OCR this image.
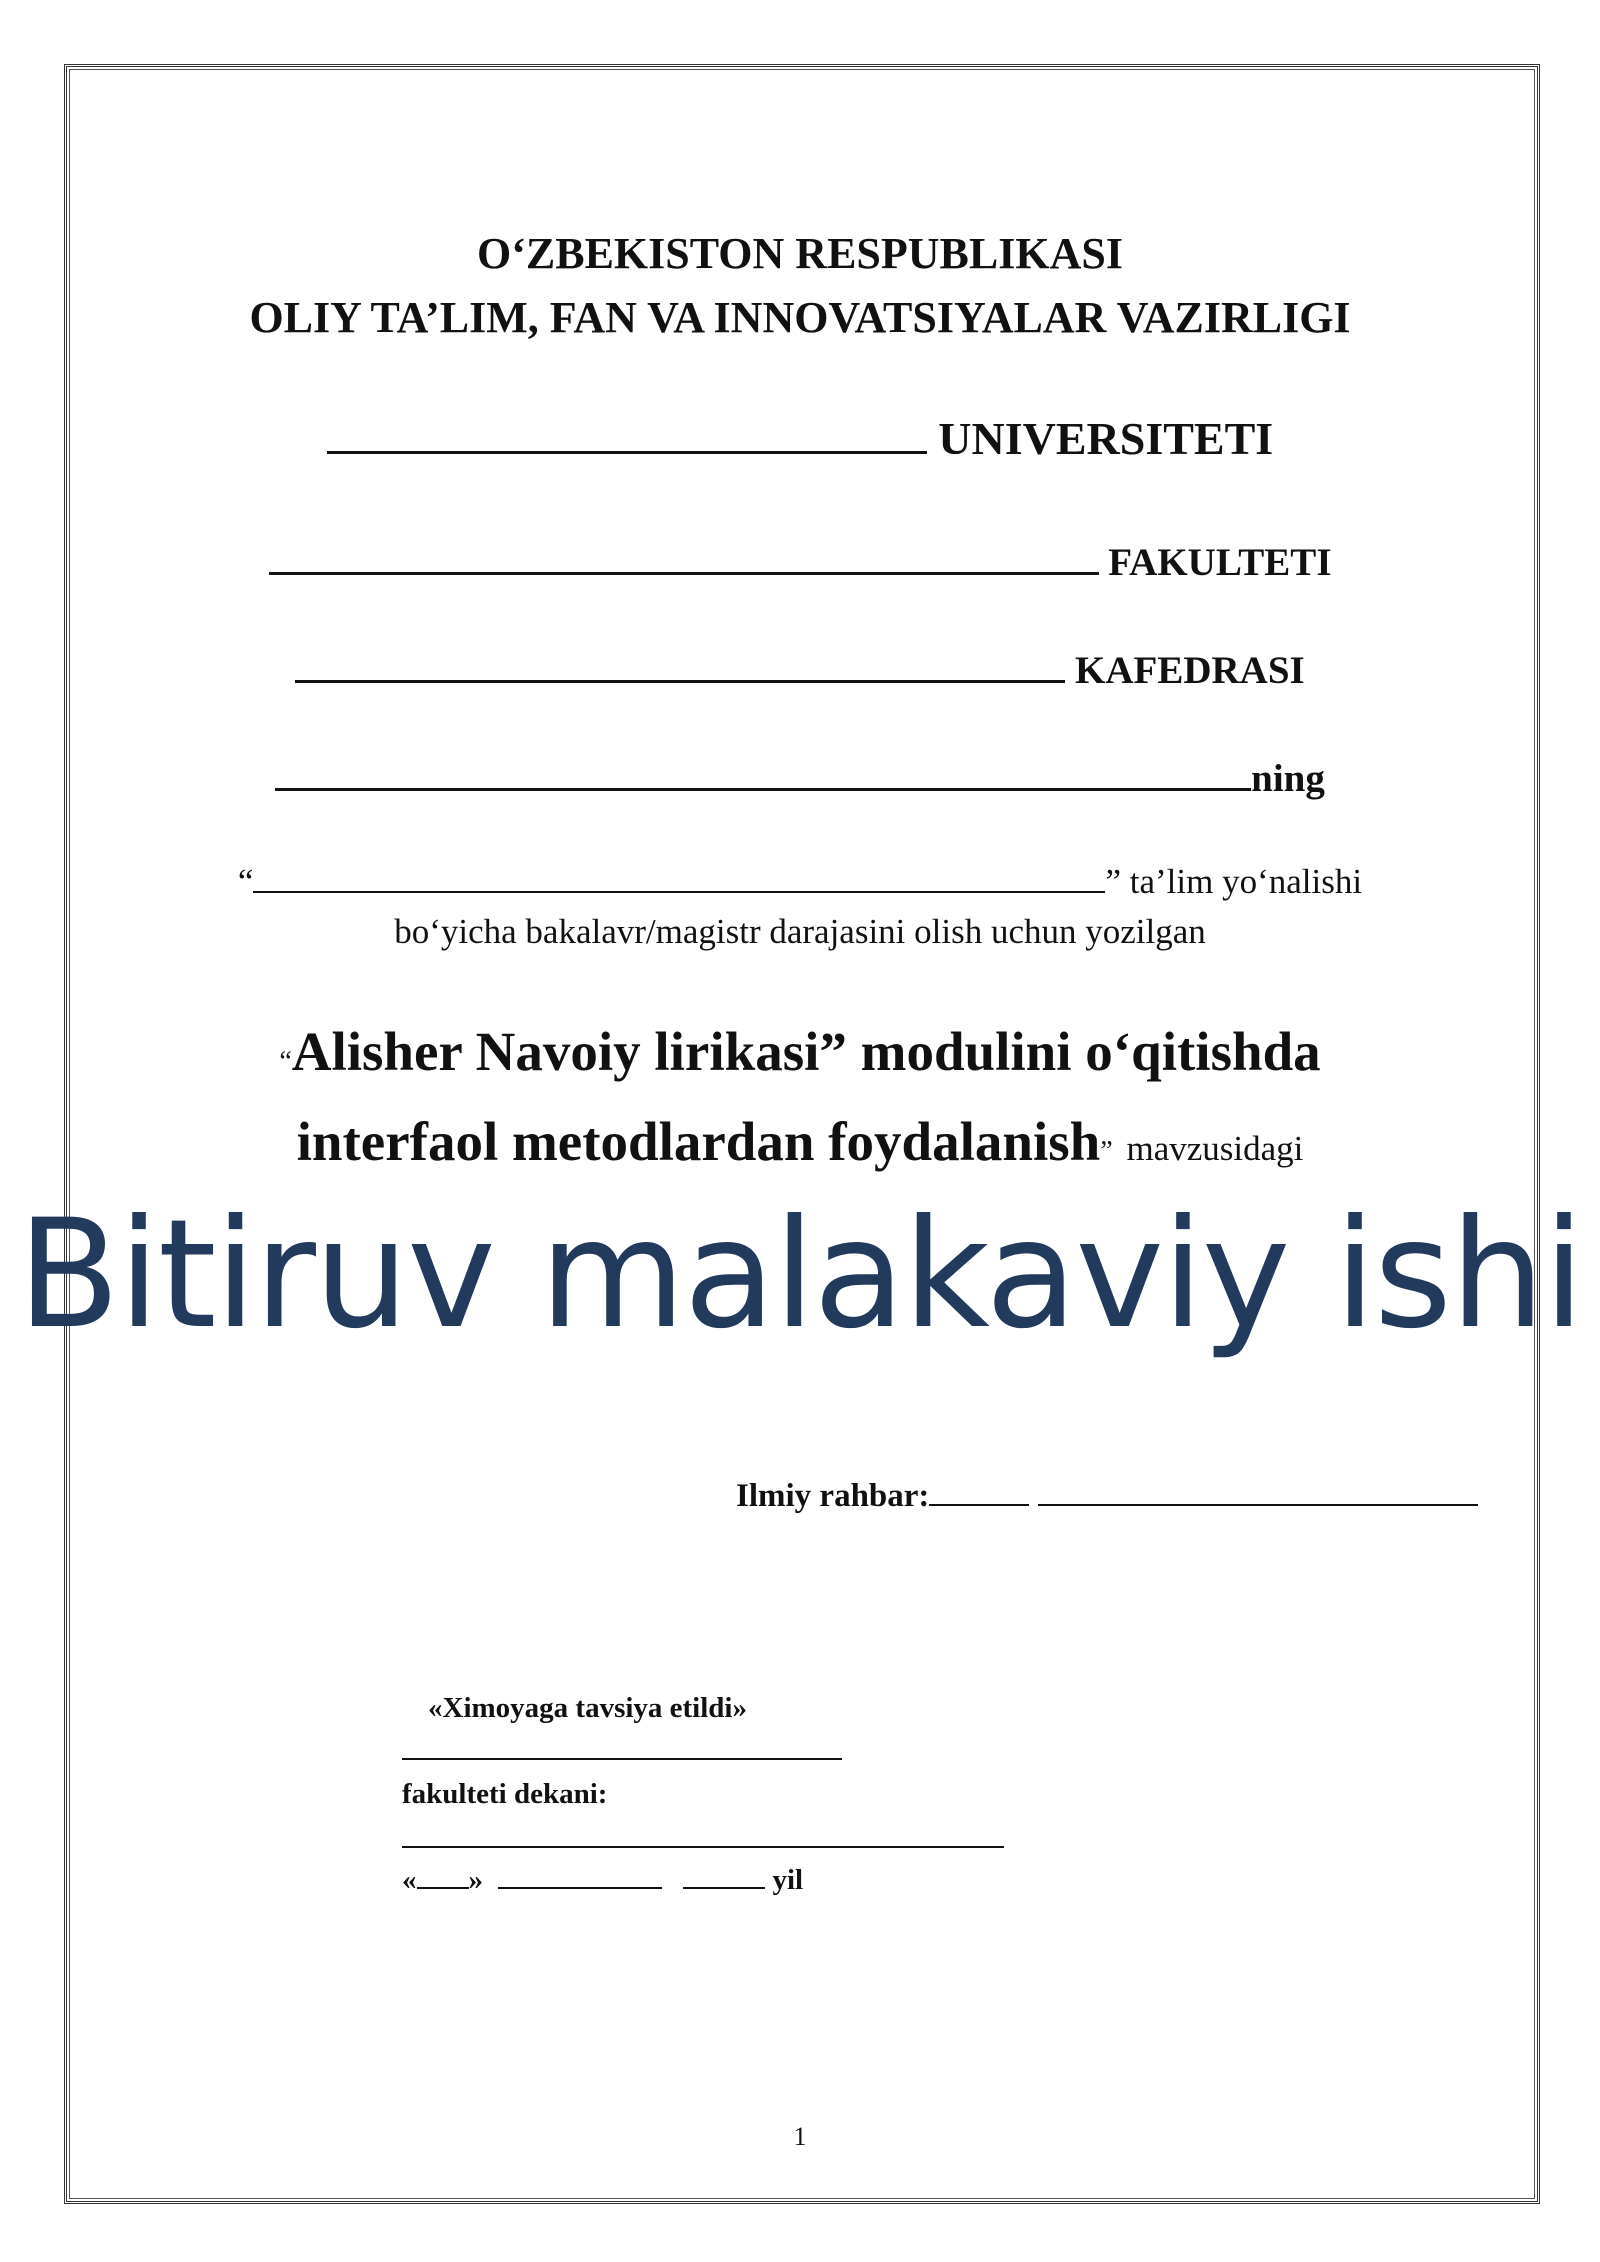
O‘ZBEKISTON RESPUBLIKASI
OLIY TA’LIM, FAN VA INNOVATSIYALAR VAZIRLIGI
UNIVERSITETI
FAKULTETI
KAFEDRASI
ning
“	” ta’lim yo‘nalishi
bo‘yicha bakalavr/magistr darajasini olish uchun yozilgan
“Alisher Navoiy lirikasi” modulini o‘qitishda
interfaol metodlardan foydalanish” mavzusidagi
Bitiruv malakaviy ishi
Ilmiy rahbar:
«Ximoyaga tavsiya etildi»
fakulteti dekani:
« »	yil
1
